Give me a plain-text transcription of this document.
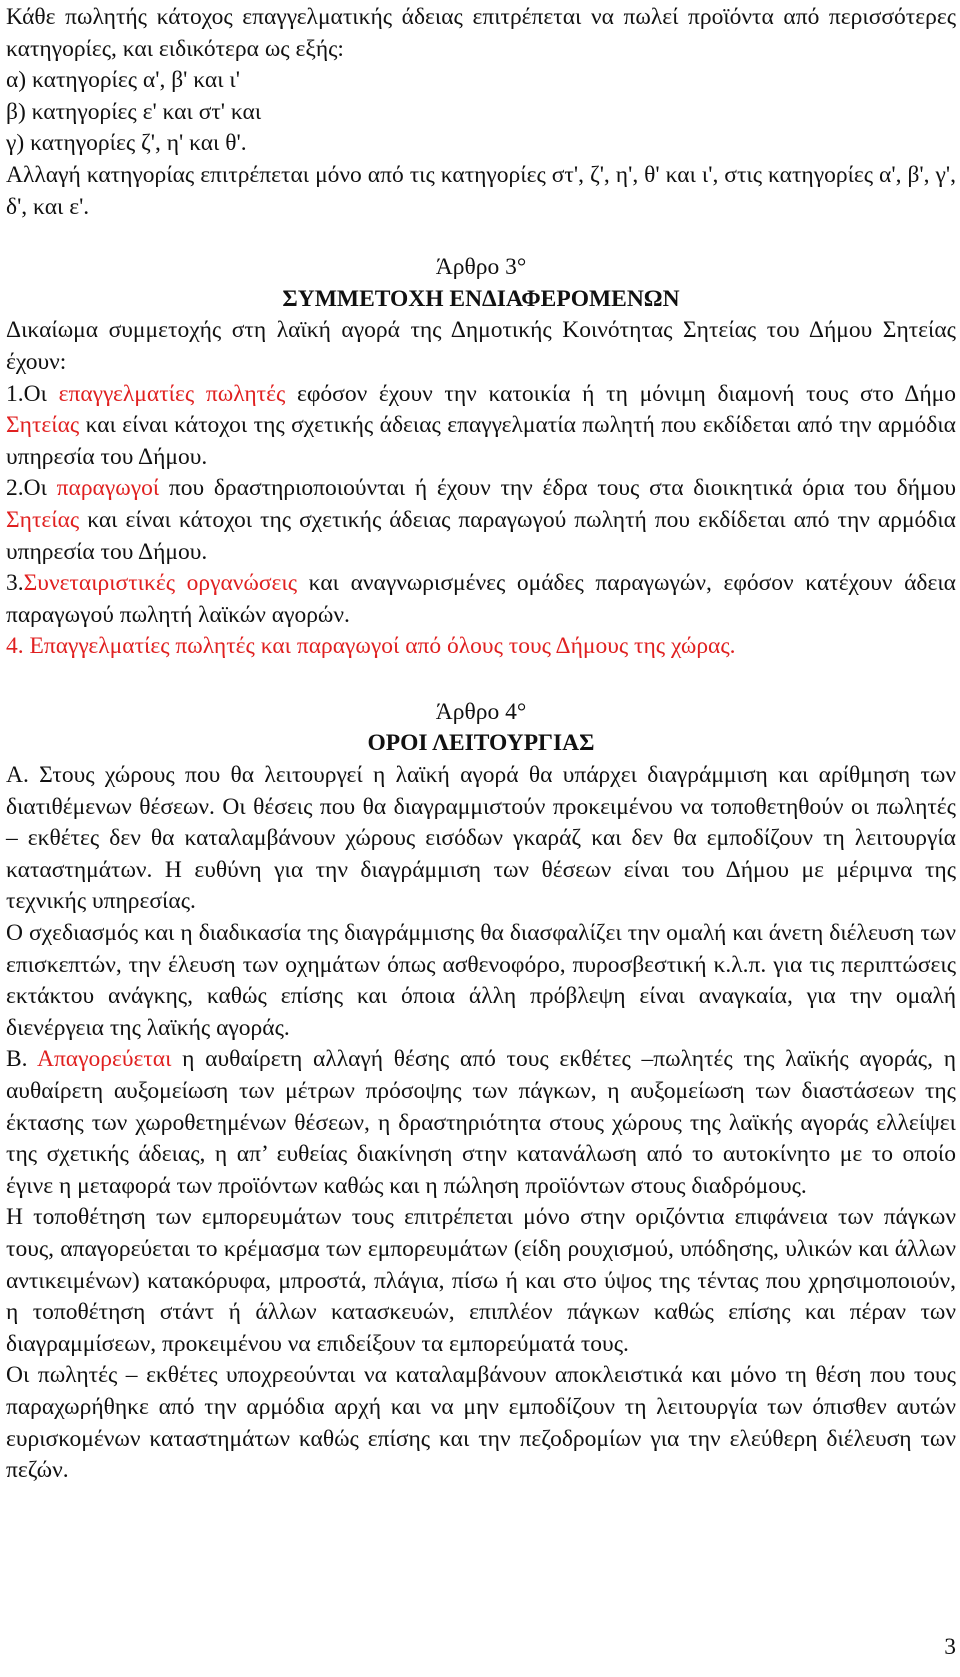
Κάθε πωλητής κάτοχος επαγγελματικής άδειας επιτρέπεται να πωλεί προϊόντα από περισσότερες κατηγορίες, και ειδικότερα ως εξής:

α) κατηγορίες α', β' και ι'

β) κατηγορίες ε' και στ' και

γ) κατηγορίες ζ', η' και θ'.

Αλλαγή κατηγορίας επιτρέπεται μόνο από τις κατηγορίες στ', ζ', η', θ' και ι', στις κατηγορίες α', β', γ', δ', και ε'.

Άρθρο 3°

ΣΥΜΜΕΤΟΧΗ ΕΝΔΙΑΦΕΡΟΜΕΝΩΝ

Δικαίωμα συμμετοχής στη λαϊκή αγορά της Δημοτικής Κοινότητας Σητείας του Δήμου Σητείας έχουν:

1.Οι επαγγελματίες πωλητές εφόσον έχουν την κατοικία ή τη μόνιμη διαμονή τους στο Δήμο Σητείας και είναι κάτοχοι της σχετικής άδειας επαγγελματία πωλητή που εκδίδεται από την αρμόδια υπηρεσία του Δήμου.

2.Οι παραγωγοί που δραστηριοποιούνται ή έχουν την έδρα τους στα διοικητικά όρια του δήμου Σητείας και είναι κάτοχοι της σχετικής άδειας παραγωγού πωλητή που εκδίδεται από την αρμόδια υπηρεσία του Δήμου.

3.Συνεταιριστικές οργανώσεις και αναγνωρισμένες ομάδες παραγωγών, εφόσον κατέχουν άδεια παραγωγού πωλητή λαϊκών αγορών.

4. Επαγγελματίες πωλητές και παραγωγοί από όλους τους Δήμους της χώρας.

Άρθρο 4°

ΟΡΟΙ ΛΕΙΤΟΥΡΓΙΑΣ

Α. Στους χώρους που θα λειτουργεί η λαϊκή αγορά θα υπάρχει διαγράμμιση και αρίθμηση των διατιθέμενων θέσεων. Οι θέσεις που θα διαγραμμιστούν προκειμένου να τοποθετηθούν οι πωλητές – εκθέτες δεν θα καταλαμβάνουν χώρους εισόδων γκαράζ και δεν θα εμποδίζουν τη λειτουργία καταστημάτων. Η ευθύνη για την διαγράμμιση των θέσεων είναι του Δήμου με μέριμνα της τεχνικής υπηρεσίας.

Ο σχεδιασμός και η διαδικασία της διαγράμμισης θα διασφαλίζει την ομαλή και άνετη διέλευση των επισκεπτών, την έλευση των οχημάτων όπως ασθενοφόρο, πυροσβεστική κ.λ.π. για τις περιπτώσεις εκτάκτου ανάγκης, καθώς επίσης και όποια άλλη πρόβλεψη είναι αναγκαία, για την ομαλή διενέργεια της λαϊκής αγοράς.

Β. Απαγορεύεται η αυθαίρετη αλλαγή θέσης από τους εκθέτες –πωλητές της λαϊκής αγοράς, η αυθαίρετη αυξομείωση των μέτρων πρόσοψης των πάγκων, η αυξομείωση των διαστάσεων της έκτασης των χωροθετημένων θέσεων, η δραστηριότητα στους χώρους της λαϊκής αγοράς ελλείψει της σχετικής άδειας, η απ’ ευθείας διακίνηση στην κατανάλωση από το αυτοκίνητο με το οποίο έγινε η μεταφορά των προϊόντων καθώς και η πώληση προϊόντων στους διαδρόμους.

Η τοποθέτηση των εμπορευμάτων τους επιτρέπεται μόνο στην οριζόντια επιφάνεια των πάγκων τους, απαγορεύεται το κρέμασμα των εμπορευμάτων (είδη ρουχισμού, υπόδησης, υλικών και άλλων αντικειμένων) κατακόρυφα, μπροστά, πλάγια, πίσω ή και στο ύψος της τέντας που χρησιμοποιούν, η τοποθέτηση στάντ ή άλλων κατασκευών, επιπλέον πάγκων καθώς επίσης και πέραν των διαγραμμίσεων, προκειμένου να επιδείξουν τα εμπορεύματά τους.

Οι πωλητές – εκθέτες υποχρεούνται να καταλαμβάνουν αποκλειστικά και μόνο τη θέση που τους παραχωρήθηκε από την αρμόδια αρχή και να μην εμποδίζουν τη λειτουργία των όπισθεν αυτών ευρισκομένων καταστημάτων καθώς επίσης και την πεζοδρομίων για την ελεύθερη διέλευση των πεζών.

3
